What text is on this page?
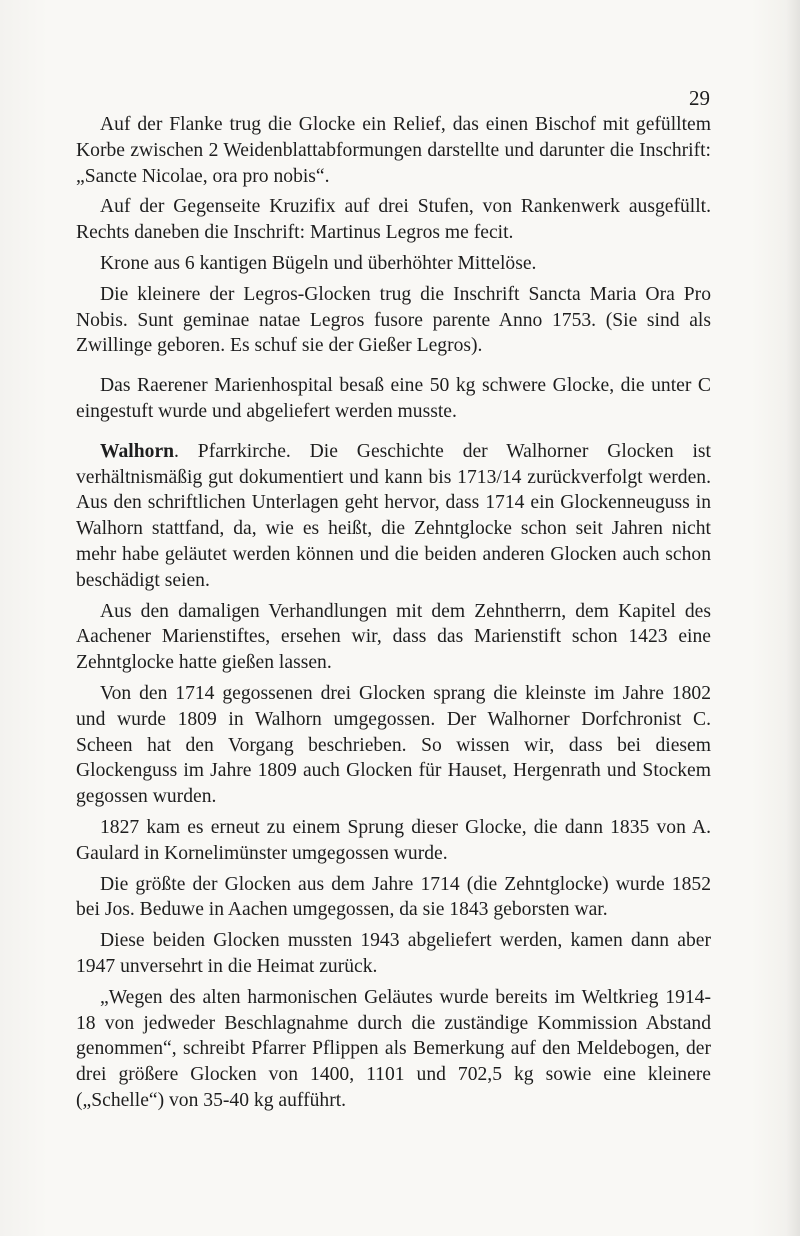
29

Auf der Flanke trug die Glocke ein Relief, das einen Bischof mit gefülltem Korbe zwischen 2 Weidenblattabformungen darstellte und darunter die Inschrift: „Sancte Nicolae, ora pro nobis“.

Auf der Gegenseite Kruzifix auf drei Stufen, von Rankenwerk ausgefüllt. Rechts daneben die Inschrift: Martinus Legros me fecit.

Krone aus 6 kantigen Bügeln und überhöhter Mittelöse.

Die kleinere der Legros-Glocken trug die Inschrift Sancta Maria Ora Pro Nobis. Sunt geminae natae Legros fusore parente Anno 1753. (Sie sind als Zwillinge geboren. Es schuf sie der Gießer Legros).

Das Raerener Marienhospital besaß eine 50 kg schwere Glocke, die unter C eingestuft wurde und abgeliefert werden musste.

Walhorn. Pfarrkirche. Die Geschichte der Walhorner Glocken ist verhältnismäßig gut dokumentiert und kann bis 1713/14 zurückverfolgt werden. Aus den schriftlichen Unterlagen geht hervor, dass 1714 ein Glockenneuguss in Walhorn stattfand, da, wie es heißt, die Zehntglocke schon seit Jahren nicht mehr habe geläutet werden können und die beiden anderen Glocken auch schon beschädigt seien.

Aus den damaligen Verhandlungen mit dem Zehntherrn, dem Kapitel des Aachener Marienstiftes, ersehen wir, dass das Marienstift schon 1423 eine Zehntglocke hatte gießen lassen.

Von den 1714 gegossenen drei Glocken sprang die kleinste im Jahre 1802 und wurde 1809 in Walhorn umgegossen. Der Walhorner Dorfchronist C. Scheen hat den Vorgang beschrieben. So wissen wir, dass bei diesem Glockenguss im Jahre 1809 auch Glocken für Hauset, Hergenrath und Stockem gegossen wurden.

1827 kam es erneut zu einem Sprung dieser Glocke, die dann 1835 von A. Gaulard in Kornelimünster umgegossen wurde.

Die größte der Glocken aus dem Jahre 1714 (die Zehntglocke) wurde 1852 bei Jos. Beduwe in Aachen umgegossen, da sie 1843 geborsten war.

Diese beiden Glocken mussten 1943 abgeliefert werden, kamen dann aber 1947 unversehrt in die Heimat zurück.

„Wegen des alten harmonischen Geläutes wurde bereits im Weltkrieg 1914-18 von jedweder Beschlagnahme durch die zuständige Kommission Abstand genommen“, schreibt Pfarrer Pflippen als Bemerkung auf den Meldebogen, der drei größere Glocken von 1400, 1101 und 702,5 kg sowie eine kleinere („Schelle“) von 35-40 kg aufführt.
